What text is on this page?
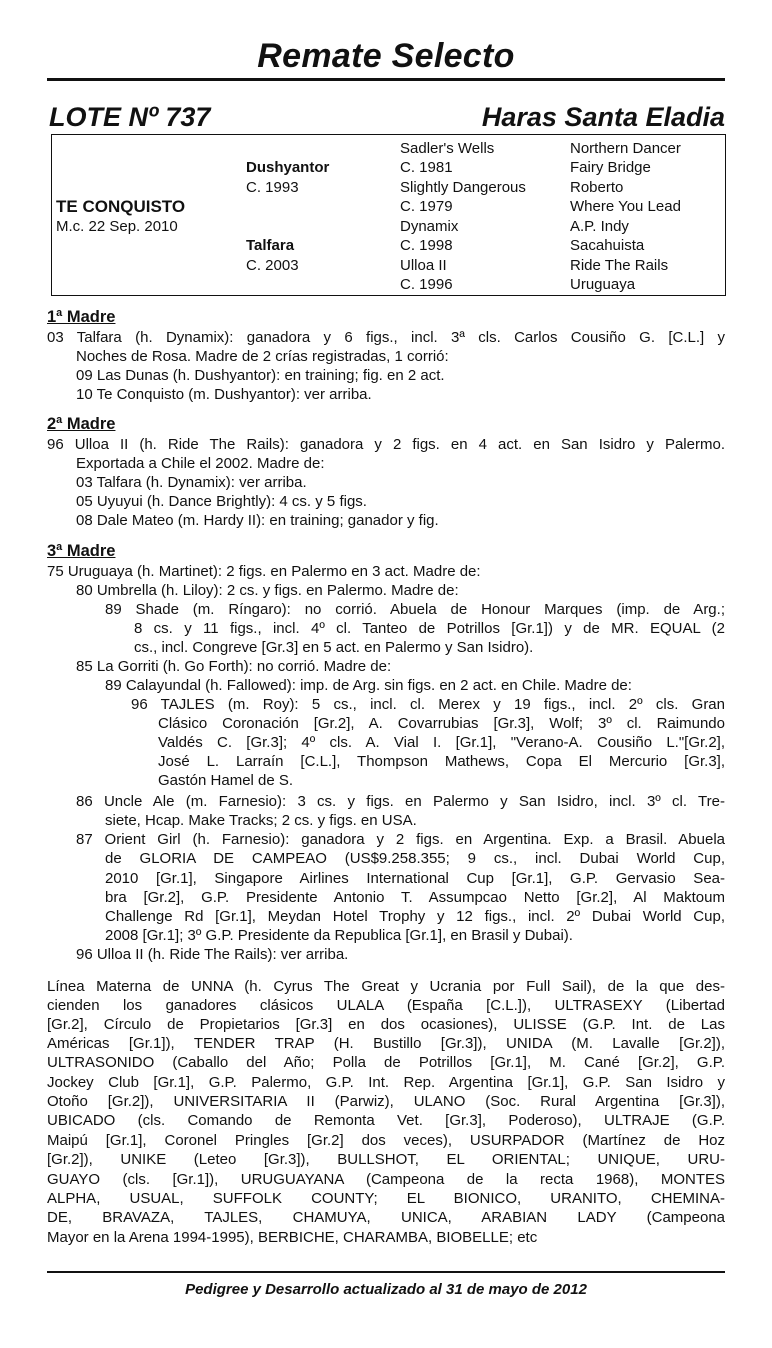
Remate Selecto
LOTE Nº 737	Haras Santa Eladia
TE CONQUISTO
M.c. 22 Sep. 2010
Dushyantor
C. 1993
Talfara
C. 2003
Sadler's Wells
C. 1981
Slightly Dangerous
C. 1979
Dynamix
C. 1998
Ulloa II
C. 1996
Northern Dancer
Fairy Bridge
Roberto
Where You Lead
A.P. Indy
Sacahuista
Ride The Rails
Uruguaya
1ª Madre
03 Talfara (h. Dynamix): ganadora y 6 figs., incl. 3ª cls. Carlos Cousiño G. [C.L.] y
Noches de Rosa. Madre de 2 crías registradas, 1 corrió:
09 Las Dunas (h. Dushyantor): en training; fig. en 2 act.
10 Te Conquisto (m. Dushyantor): ver arriba.
2ª Madre
96 Ulloa II (h. Ride The Rails): ganadora y 2 figs. en 4 act. en San Isidro y Palermo.
Exportada a Chile el 2002. Madre de:
03 Talfara (h. Dynamix): ver arriba.
05 Uyuyui (h. Dance Brightly): 4 cs. y 5 figs.
08 Dale Mateo (m. Hardy II): en training; ganador y fig.
3ª Madre
75 Uruguaya (h. Martinet): 2 figs. en Palermo en 3 act. Madre de:
80 Umbrella (h. Liloy): 2 cs. y figs. en Palermo. Madre de:
89 Shade (m. Ríngaro): no corrió. Abuela de Honour Marques (imp. de Arg.;
8 cs. y 11 figs., incl. 4º cl. Tanteo de Potrillos [Gr.1]) y de MR. EQUAL (2
cs., incl. Congreve [Gr.3] en 5 act. en Palermo y San Isidro).
85 La Gorriti (h. Go Forth): no corrió. Madre de:
89 Calayundal (h. Fallowed): imp. de Arg. sin figs. en 2 act. en Chile. Madre de:
96 TAJLES (m. Roy): 5 cs., incl. cl. Merex y 19 figs., incl. 2º cls. Gran
Clásico Coronación [Gr.2], A. Covarrubias [Gr.3], Wolf; 3º cl. Raimundo
Valdés C. [Gr.3]; 4º cls. A. Vial I. [Gr.1], "Verano-A. Cousiño L."[Gr.2],
José L. Larraín [C.L.], Thompson Mathews, Copa El Mercurio [Gr.3],
Gastón Hamel de S.
86 Uncle Ale (m. Farnesio): 3 cs. y figs. en Palermo y San Isidro, incl. 3º cl. Tre-
siete, Hcap. Make Tracks; 2 cs. y figs. en USA.
87 Orient Girl (h. Farnesio): ganadora y 2 figs. en Argentina. Exp. a Brasil. Abuela
de GLORIA DE CAMPEAO (US$9.258.355; 9 cs., incl. Dubai World Cup,
2010 [Gr.1], Singapore Airlines International Cup [Gr.1], G.P. Gervasio Sea-
bra [Gr.2], G.P. Presidente Antonio T. Assumpcao Netto [Gr.2], Al Maktoum
Challenge Rd [Gr.1], Meydan Hotel Trophy y 12 figs., incl. 2º Dubai World Cup,
2008 [Gr.1]; 3º G.P. Presidente da Republica [Gr.1], en Brasil y Dubai).
96 Ulloa II (h. Ride The Rails): ver arriba.
Línea Materna de UNNA (h. Cyrus The Great y Ucrania por Full Sail), de la que des-
cienden los ganadores clásicos ULALA (España [C.L.]), ULTRASEXY (Libertad
[Gr.2], Círculo de Propietarios [Gr.3] en dos ocasiones), ULISSE (G.P. Int. de Las
Américas [Gr.1]), TENDER TRAP (H. Bustillo [Gr.3]), UNIDA (M. Lavalle [Gr.2]),
ULTRASONIDO (Caballo del Año; Polla de Potrillos [Gr.1], M. Cané [Gr.2], G.P.
Jockey Club [Gr.1], G.P. Palermo, G.P. Int. Rep. Argentina [Gr.1], G.P. San Isidro y
Otoño [Gr.2]), UNIVERSITARIA II (Parwiz), ULANO (Soc. Rural Argentina [Gr.3]),
UBICADO (cls. Comando de Remonta Vet. [Gr.3], Poderoso), ULTRAJE (G.P.
Maipú [Gr.1], Coronel Pringles [Gr.2] dos veces), USURPADOR (Martínez de Hoz
[Gr.2]), UNIKE (Leteo [Gr.3]), BULLSHOT, EL ORIENTAL; UNIQUE, URU-
GUAYO (cls. [Gr.1]), URUGUAYANA (Campeona de la recta 1968), MONTES
ALPHA, USUAL, SUFFOLK COUNTY; EL BIONICO, URANITO, CHEMINA-
DE, BRAVAZA, TAJLES, CHAMUYA, UNICA, ARABIAN LADY (Campeona
Mayor en la Arena 1994-1995), BERBICHE, CHARAMBA, BIOBELLE; etc
Pedigree y Desarrollo actualizado al 31 de mayo de 2012
